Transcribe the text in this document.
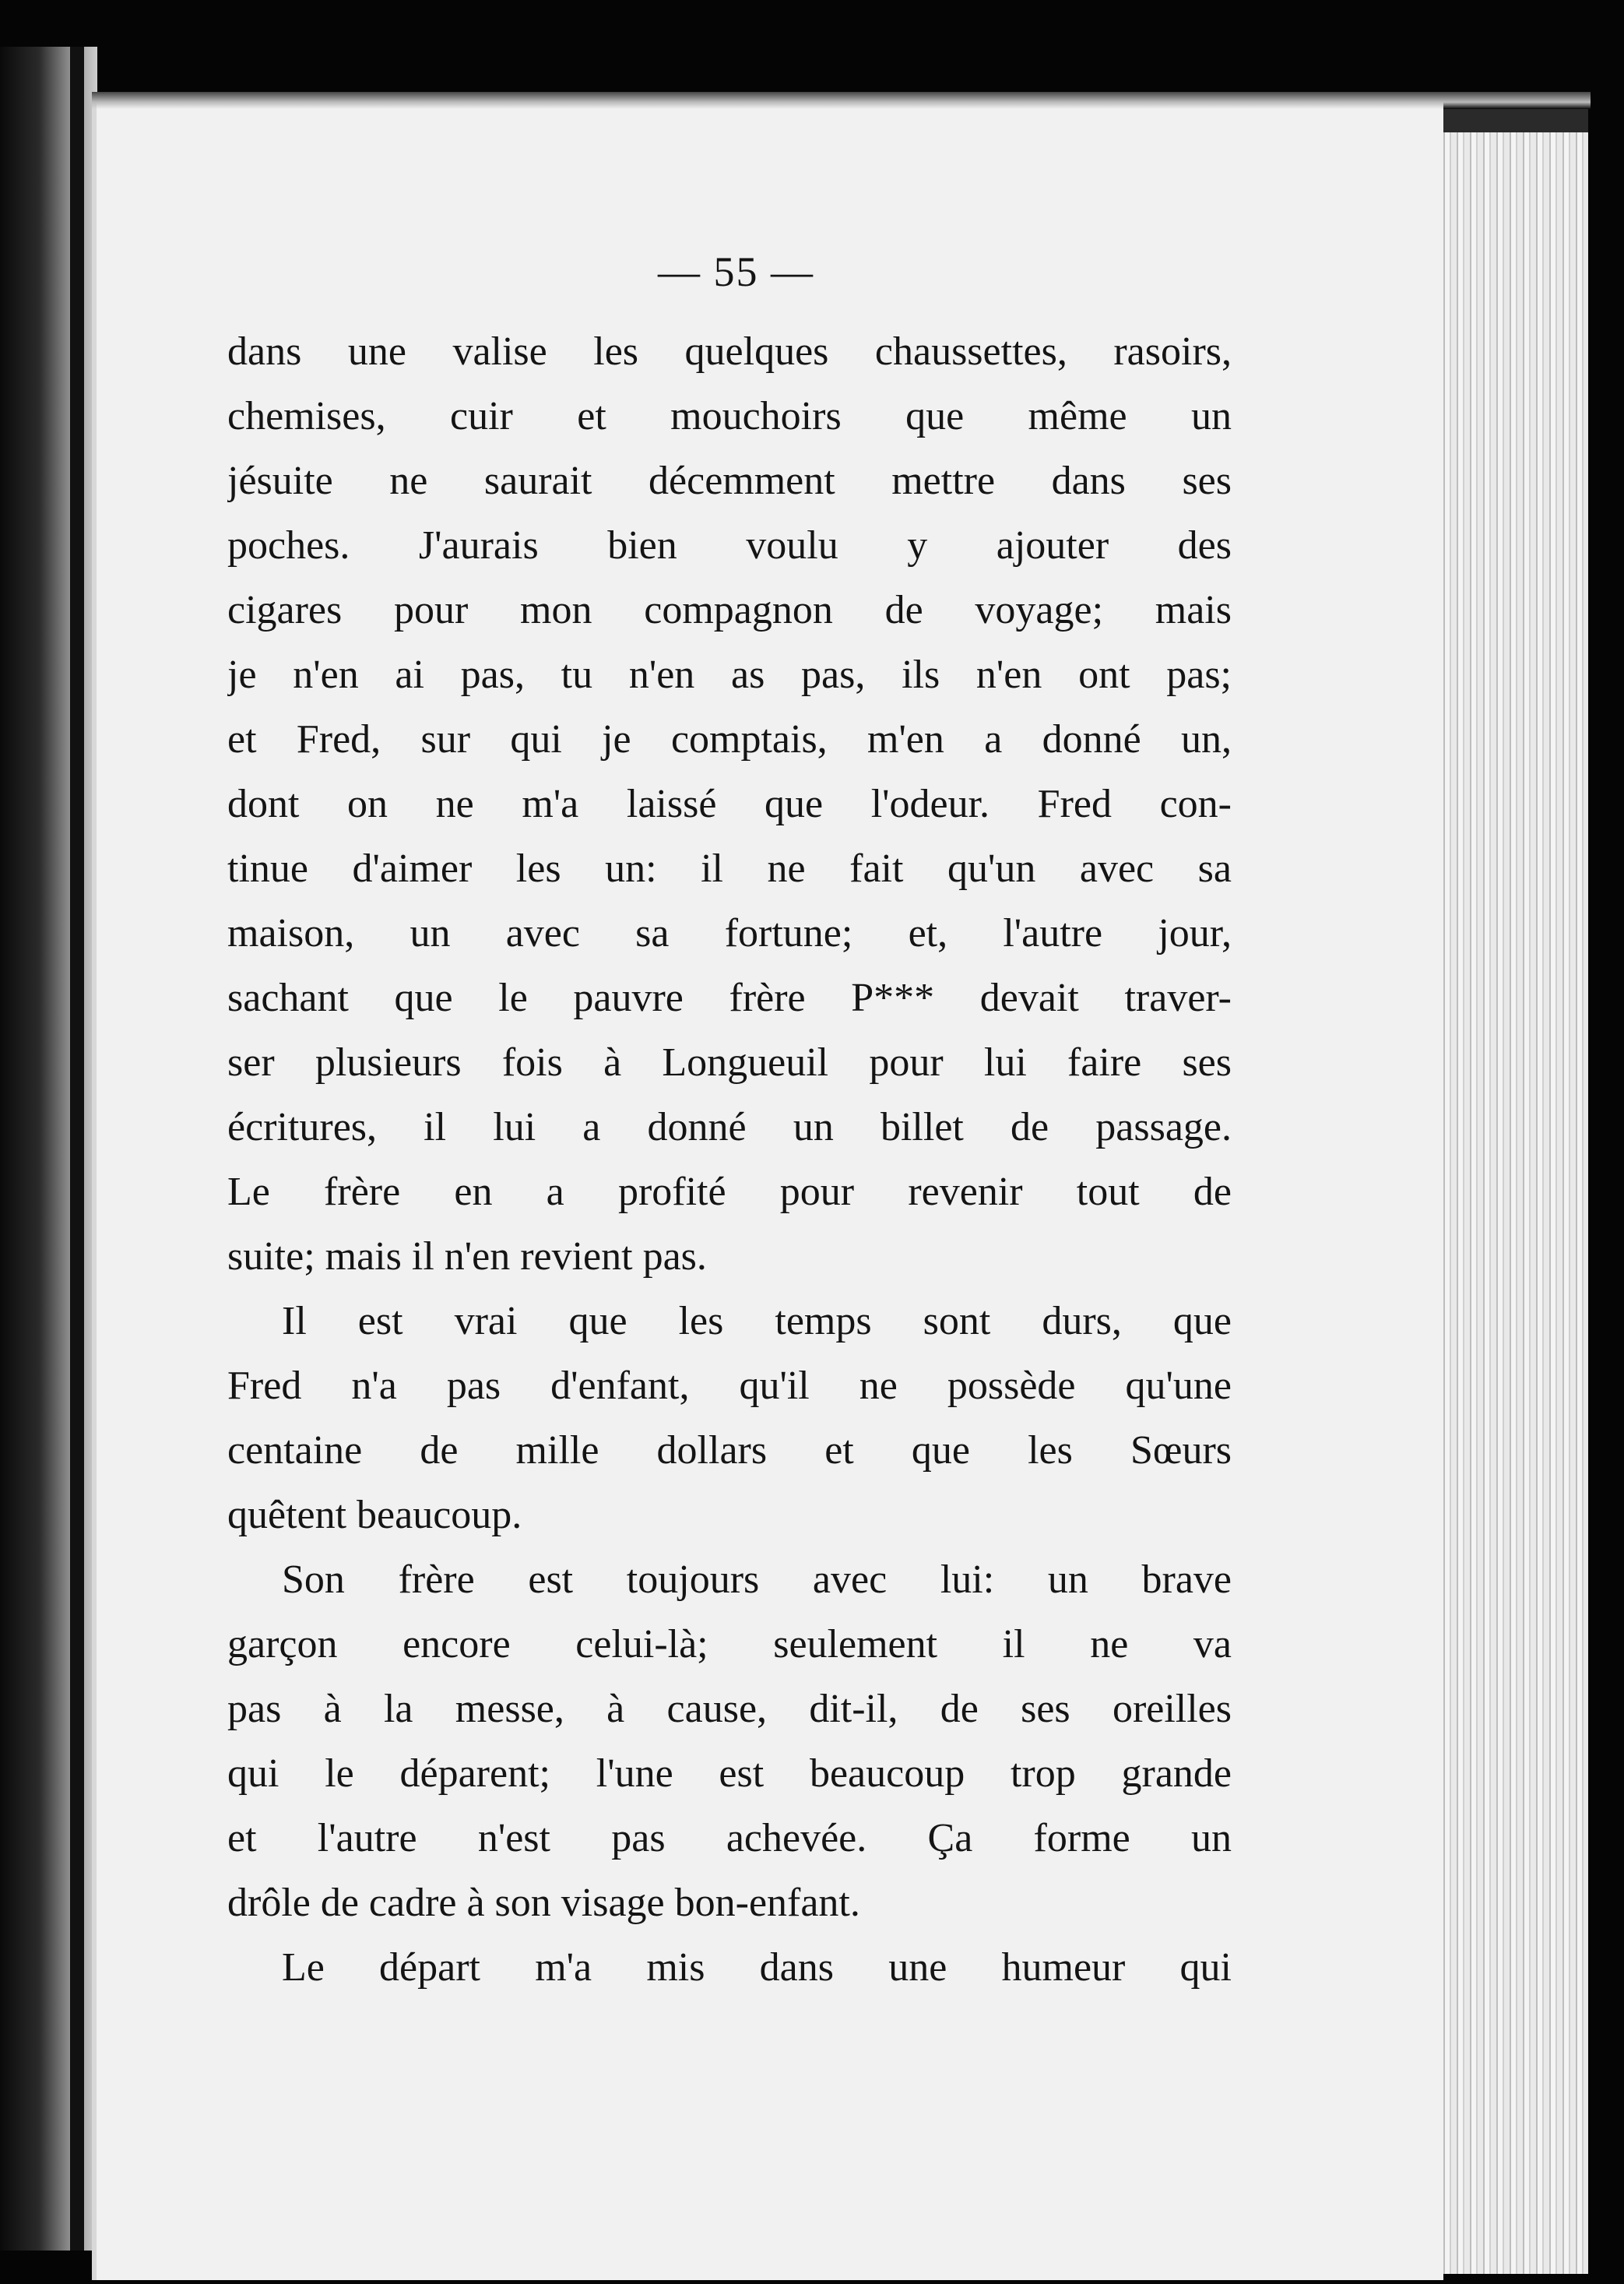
— 55 —
dans une valise les quelques chaussettes, rasoirs,
chemises, cuir et mouchoirs que même un
jésuite ne saurait décemment mettre dans ses
poches. J'aurais bien voulu y ajouter des
cigares pour mon compagnon de voyage; mais
je n'en ai pas, tu n'en as pas, ils n'en ont pas;
et Fred, sur qui je comptais, m'en a donné un,
dont on ne m'a laissé que l'odeur. Fred con-
tinue d'aimer les un: il ne fait qu'un avec sa
maison, un avec sa fortune; et, l'autre jour,
sachant que le pauvre frère P*** devait traver-
ser plusieurs fois à Longueuil pour lui faire ses
écritures, il lui a donné un billet de passage.
Le frère en a profité pour revenir tout de
suite; mais il n'en revient pas.
Il est vrai que les temps sont durs, que
Fred n'a pas d'enfant, qu'il ne possède qu'une
centaine de mille dollars et que les Sœurs
quêtent beaucoup.
Son frère est toujours avec lui: un brave
garçon encore celui-là; seulement il ne va
pas à la messe, à cause, dit-il, de ses oreilles
qui le déparent; l'une est beaucoup trop grande
et l'autre n'est pas achevée. Ça forme un
drôle de cadre à son visage bon-enfant.
Le départ m'a mis dans une humeur qui
